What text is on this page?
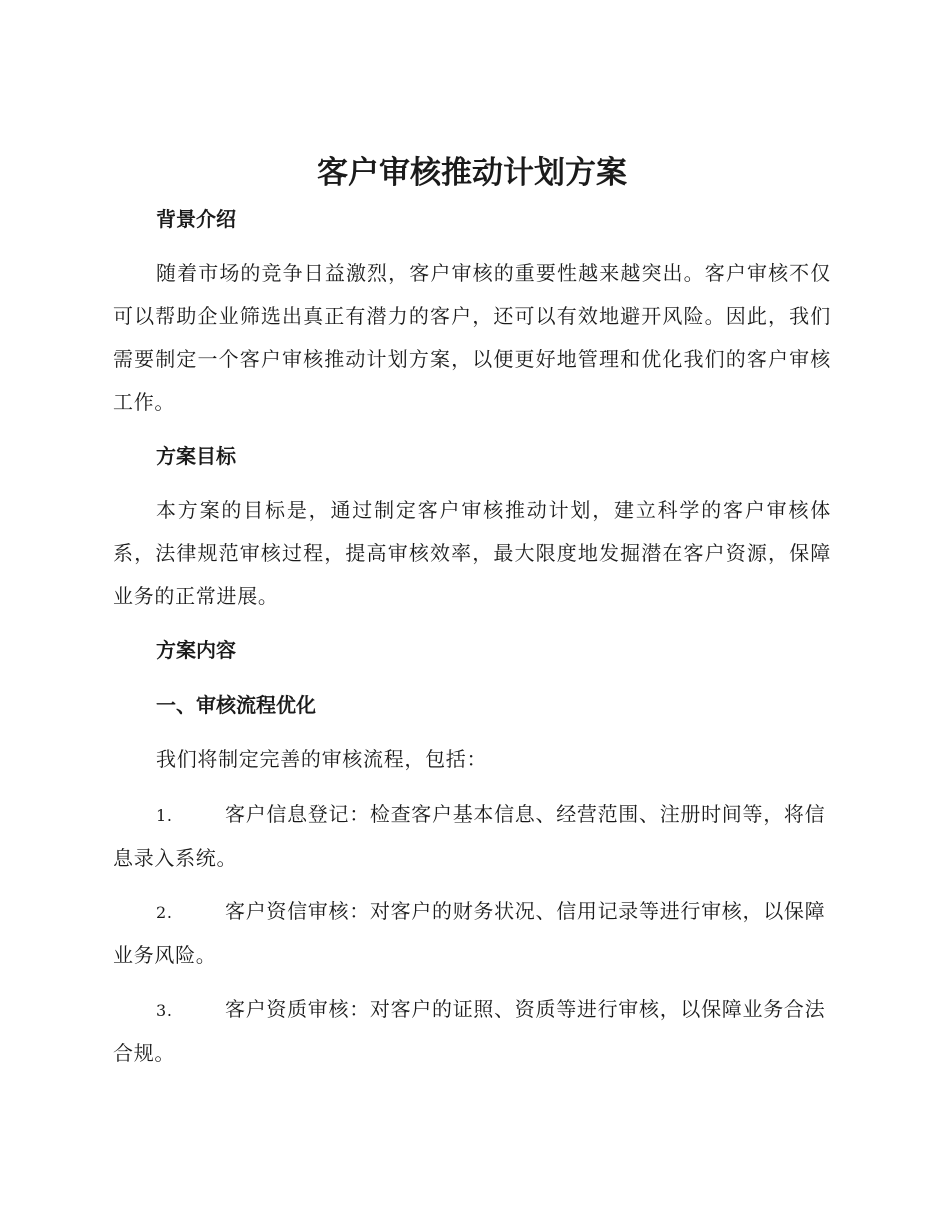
客户审核推动计划方案
背景介绍

随着市场的竞争日益激烈，客户审核的重要性越来越突出。客户审核不仅可以帮助企业筛选出真正有潜力的客户，还可以有效地避开风险。因此，我们需要制定一个客户审核推动计划方案，以便更好地管理和优化我们的客户审核工作。

方案目标

本方案的目标是，通过制定客户审核推动计划，建立科学的客户审核体系，法律规范审核过程，提高审核效率，最大限度地发掘潜在客户资源，保障业务的正常进展。

方案内容
一、审核流程优化

我们将制定完善的审核流程，包括：

1.	客户信息登记：检查客户基本信息、经营范围、注册时间等，将信息录入系统。

2.	客户资信审核：对客户的财务状况、信用记录等进行审核，以保障业务风险。

3.	客户资质审核：对客户的证照、资质等进行审核，以保障业务合法合规。
